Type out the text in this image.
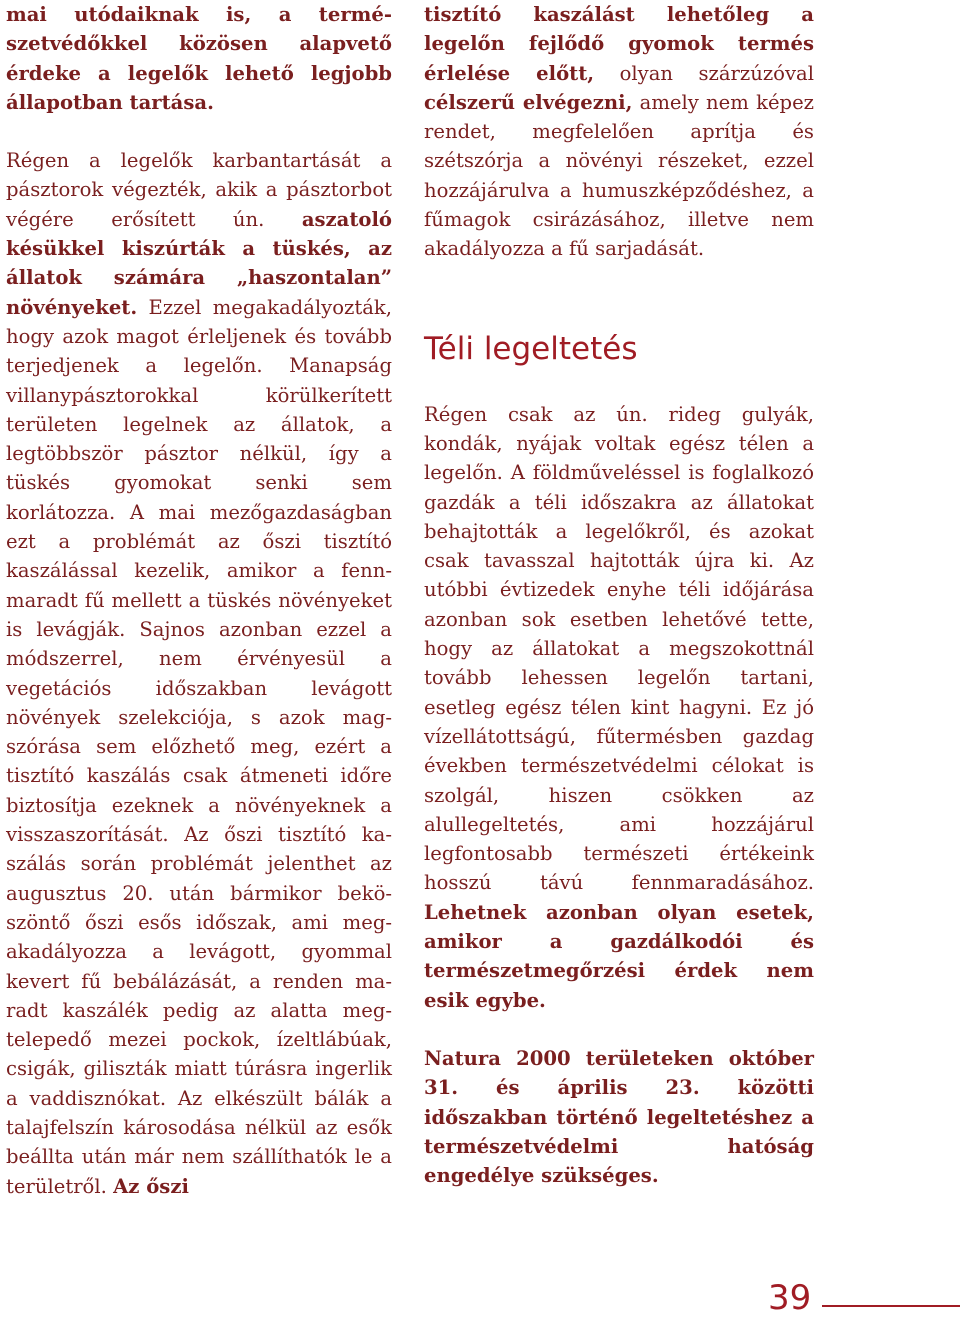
mai utódaiknak is, a természetvédőkkel közösen alapvető érdeke a legelők lehető legjobb állapotban tartása.

Régen a legelők karbantartását a pásztorok végezték, akik a pásztorbot végére erősített ún. aszatoló késükkel kiszúrták a tüskés, az állatok számára „haszontalan” növényeket. Ezzel megakadályozták, hogy azok magot érleljenek és tovább terjedjenek a legelőn. Manapság villanypásztorokkal körülkerített területen legelnek az állatok, a legtöbbször pásztor nélkül, így a tüskés gyomokat senki sem korlátozza. A mai mezőgazdaságban ezt a problémát az őszi tisztító kaszálással kezelik, amikor a fennmaradt fű mellett a tüskés növényeket is levágják. Sajnos azonban ezzel a módszerrel, nem érvényesül a vegetációs időszakban levágott növények szelekciója, s azok magszórása sem előzhető meg, ezért a tisztító kaszálás csak átmeneti időre biztosítja ezeknek a növényeknek a visszaszorítását. Az őszi tisztító kaszálás során problémát jelenthet az augusztus 20. után bármikor beköszöntő őszi esős időszak, ami megakadályozza a levágott, gyommal kevert fű bebálázását, a renden maradt kaszálék pedig az alatta megtelepedő mezei pockok, ízeltlábúak, csigák, giliszták miatt túrásra ingerlik a vaddisznókat. Az elkészült bálák a talajfelszín károsodása nélkül az esők beállta után már nem szállíthatók le a területről. Az őszi

tisztító kaszálást lehetőleg a legelőn fejlődő gyomok termés érlelése előtt, olyan szárzúzóval célszerű elvégezni, amely nem képez rendet, megfelelően aprítja és szétszórja a növényi részeket, ezzel hozzájárulva a humuszképződéshez, a fűmagok csirázásához, illetve nem akadályozza a fű sarjadását.

Téli legeltetés

Régen csak az ún. rideg gulyák, kondák, nyájak voltak egész télen a legelőn. A földműveléssel is foglalkozó gazdák a téli időszakra az állatokat behajtották a legelőkről, és azokat csak tavasszal hajtották újra ki. Az utóbbi évtizedek enyhe téli időjárása azonban sok esetben lehetővé tette, hogy az állatokat a megszokottnál tovább lehessen legelőn tartani, esetleg egész télen kint hagyni. Ez jó vízellátottságú, fűtermésben gazdag években természetvédelmi célokat is szolgál, hiszen csökken az alullegeltetés, ami hozzájárul legfontosabb természeti értékeink hosszú távú fennmaradásához. Lehetnek azonban olyan esetek, amikor a gazdálkodói és természetmegőrzési érdek nem esik egybe.

Natura 2000 területeken október 31. és április 23. közötti időszakban történő legeltetéshez a természetvédelmi hatóság engedélye szükséges.

39
